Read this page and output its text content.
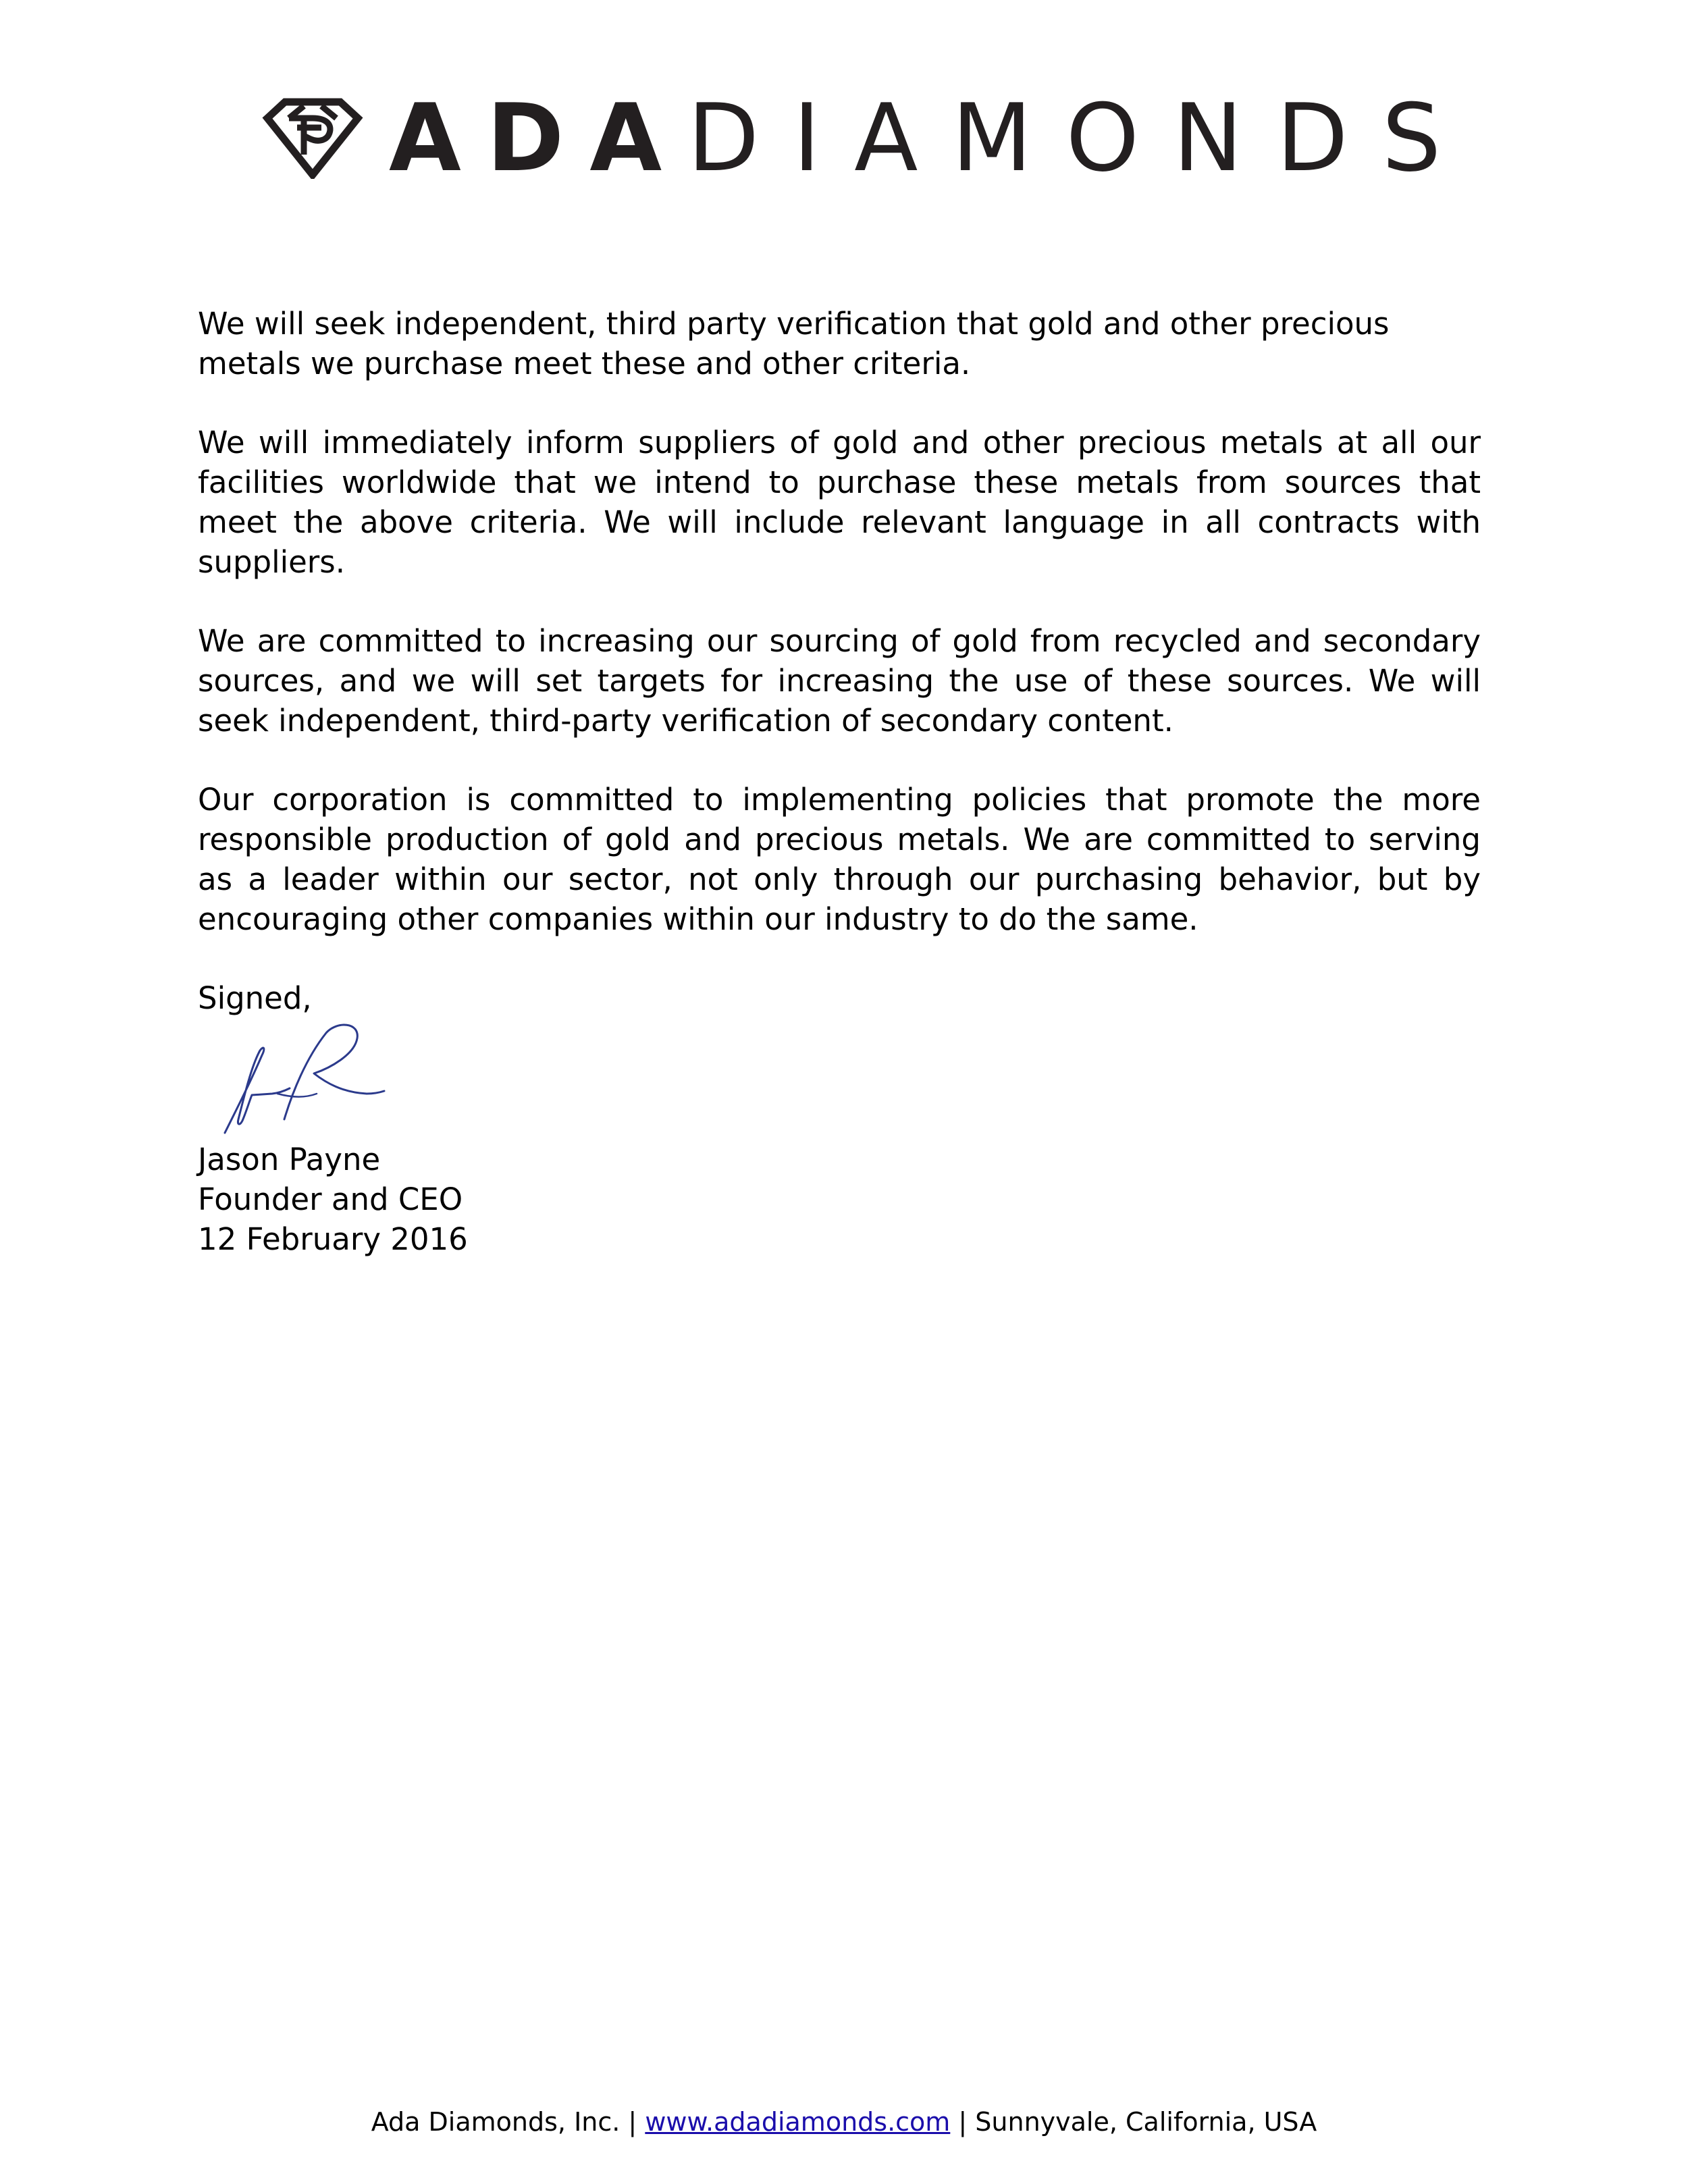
ADA DIAMONDS

We will seek independent, third party verification that gold and other precious metals we purchase meet these and other criteria.

We will immediately inform suppliers of gold and other precious metals at all our facilities worldwide that we intend to purchase these metals from sources that meet the above criteria. We will include relevant language in all contracts with suppliers.

We are committed to increasing our sourcing of gold from recycled and secondary sources, and we will set targets for increasing the use of these sources. We will seek independent, third-party verification of secondary content.

Our corporation is committed to implementing policies that promote the more responsible production of gold and precious metals. We are committed to serving as a leader within our sector, not only through our purchasing behavior, but by encouraging other companies within our industry to do the same.

Signed,

Jason Payne

Founder and CEO

12 February 2016

Ada Diamonds, Inc. | www.adadiamonds.com | Sunnyvale, California, USA
